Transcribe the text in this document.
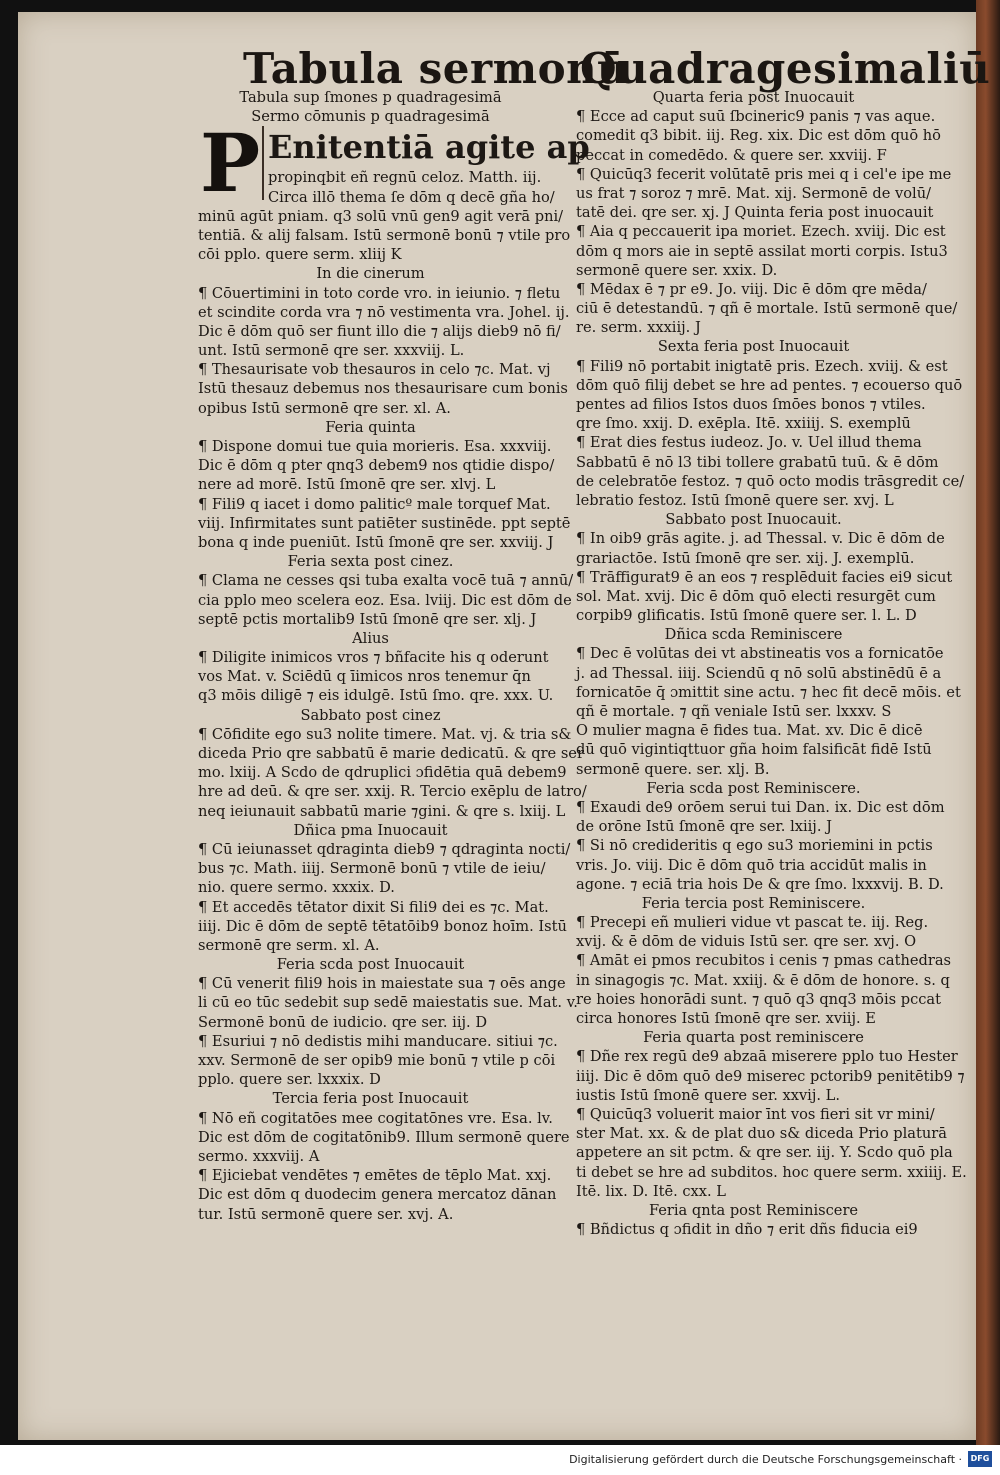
Tabula sermonū
Quadragesimaliū
Tabula sup ſmones p quadragesimā
Sermo cōmunis p quadragesimā
P Enitentiā agite ap
propinqbit eñ regnū celoz. Matth. iij.
Circa illō thema ſe dōm q decē gña ho/
minū agūt pniam. q3 solū vnū gen9 agit verā pni/
tentiā. & alij falsam. Istū sermonē bonū ⁊ vtile pro
cōi pplo. quere serm. xliij K
In die cinerum
¶ Cōuertimini in toto corde vro. in ieiunio. ⁊ fletu
et scindite corda vra ⁊ nō vestimenta vra. Johel. ij.
Dic ē dōm quō ser fiunt illo die ⁊ alijs dieb9 nō fi/
unt. Istū sermonē qre ser. xxxviij. L.
¶ Thesaurisate vob thesauros in celo ⁊c. Mat. vj
Istū thesauz debemus nos thesaurisare cum bonis
opibus Istū sermonē qre ser. xl. A.
Feria quinta
¶ Dispone domui tue quia morieris. Esa. xxxviij.
Dic ē dōm q pter qnq3 debem9 nos qtidie dispo/
nere ad morē. Istū ſmonē qre ser. xlvj. L
¶ Fili9 q iacet i domo paliticº male torquef Mat.
viij. Infirmitates sunt patiēter sustinēde. ppt septē
bona q inde pueniūt. Istū ſmonē qre ser. xxviij. J
Feria sexta post cinez.
¶ Clama ne cesses qsi tuba exalta vocē tuā ⁊ annū/
cia pplo meo scelera eoz. Esa. lviij. Dic est dōm de
septē pctis mortalib9 Istū ſmonē qre ser. xlj. J
Alius
¶ Diligite inimicos vros ⁊ bñfacite his q oderunt
vos Mat. v. Sciēdū q īimicos nros tenemur q̄n
q3 mōis diligē ⁊ eis idulgē. Istū ſmo. qre. xxx. U.
Sabbato post cinez
¶ Cōfidite ego su3 nolite timere. Mat. vj. & tria s&
diceda Prio qre sabbatū ē marie dedicatū. & qre ser
mo. lxiij. A Scdo de qdruplici ɔfidētia quā debem9
hre ad deū. & qre ser. xxij. R. Tercio exēplu de latro/
neq ieiunauit sabbatū marie ⁊gini. & qre s. lxiij. L
Dñica pma Inuocauit
¶ Cū ieiunasset qdraginta dieb9 ⁊ qdraginta nocti/
bus ⁊c. Math. iiij. Sermonē bonū ⁊ vtile de ieiu/
nio. quere sermo. xxxix. D.
¶ Et accedēs tētator dixit Si fili9 dei es ⁊c. Mat.
iiij. Dic ē dōm de septē tētatōib9 bonoz hoīm. Istū
sermonē qre serm. xl. A.
Feria scda post Inuocauit
¶ Cū venerit fili9 hois in maiestate sua ⁊ oēs ange
li cū eo tūc sedebit sup sedē maiestatis sue. Mat. v.
Sermonē bonū de iudicio. qre ser. iij. D
¶ Esuriui ⁊ nō dedistis mihi manducare. sitiui ⁊c.
xxv. Sermonē de ser opib9 mie bonū ⁊ vtile p cōi
pplo. quere ser. lxxxix. D
Tercia feria post Inuocauit
¶ Nō eñ cogitatōes mee cogitatōnes vre. Esa. lv.
Dic est dōm de cogitatōnib9. Illum sermonē quere
sermo. xxxviij. A
¶ Ejiciebat vendētes ⁊ emētes de tēplo Mat. xxj.
Dic est dōm q duodecim genera mercatoz dānan
tur. Istū sermonē quere ser. xvj. A.
Quarta feria post Inuocauit
¶ Ecce ad caput suū ſbcineric9 panis ⁊ vas aque.
comedit q3 bibit. iij. Reg. xix. Dic est dōm quō hō
peccat in comedēdo. & quere ser. xxviij. F
¶ Quicūq3 fecerit volūtatē pris mei q i cel'e ipe me
us frat ⁊ soroz ⁊ mrē. Mat. xij. Sermonē de volū/
tatē dei. qre ser. xj. J Quinta feria post inuocauit
¶ Aia q peccauerit ipa moriet. Ezech. xviij. Dic est
dōm q mors aie in septē assilat morti corpis. Istu3
sermonē quere ser. xxix. D.
¶ Mēdax ē ⁊ pr e9. Jo. viij. Dic ē dōm qre mēda/
ciū ē detestandū. ⁊ qñ ē mortale. Istū sermonē que/
re. serm. xxxiij. J
Sexta feria post Inuocauit
¶ Fili9 nō portabit inigtatē pris. Ezech. xviij. & est
dōm quō filij debet se hre ad pentes. ⁊ ecouerso quō
pentes ad filios Istos duos ſmōes bonos ⁊ vtiles.
qre ſmo. xxij. D. exēpla. Itē. xxiiij. S. exemplū
¶ Erat dies festus iudeoz. Jo. v. Uel illud thema
Sabbatū ē nō l3 tibi tollere grabatū tuū. & ē dōm
de celebratōe festoz. ⁊ quō octo modis trāsgredit ce/
lebratio festoz. Istū ſmonē quere ser. xvj. L
Sabbato post Inuocauit.
¶ In oib9 grās agite. j. ad Thessal. v. Dic ē dōm de
grariactōe. Istū ſmonē qre ser. xij. J. exemplū.
¶ Trāffigurat9 ē an eos ⁊ resplēduit facies ei9 sicut
sol. Mat. xvij. Dic ē dōm quō electi resurgēt cum
corpib9 glificatis. Istū ſmonē quere ser. l. L. D
Dñica scda Reminiscere
¶ Dec ē volūtas dei vt abstineatis vos a fornicatōe
j. ad Thessal. iiij. Sciendū q nō solū abstinēdū ē a
fornicatōe q̄ ɔmittit sine actu. ⁊ hec fit decē mōis. et
qñ ē mortale. ⁊ qñ veniale Istū ser. lxxxv. S
O mulier magna ē fides tua. Mat. xv. Dic ē dicē
dū quō vigintiqttuor gña hoim falsificāt fidē Istū
sermonē quere. ser. xlj. B.
Feria scda post Reminiscere.
¶ Exaudi de9 orōem serui tui Dan. ix. Dic est dōm
de orōne Istū ſmonē qre ser. lxiij. J
¶ Si nō credideritis q ego su3 moriemini in pctis
vris. Jo. viij. Dic ē dōm quō tria accidūt malis in
agone. ⁊ eciā tria hois De & qre ſmo. lxxxvij. B. D.
Feria tercia post Reminiscere.
¶ Precepi eñ mulieri vidue vt pascat te. iij. Reg.
xvij. & ē dōm de viduis Istū ser. qre ser. xvj. O
¶ Amāt ei pmos recubitos i cenis ⁊ pmas cathedras
in sinagogis ⁊c. Mat. xxiij. & ē dōm de honore. s. q
re hoies honorādi sunt. ⁊ quō q3 qnq3 mōis pccat
circa honores Istū ſmonē qre ser. xviij. E
Feria quarta post reminiscere
¶ Dñe rex regū de9 abzaā miserere pplo tuo Hester
iiij. Dic ē dōm quō de9 miserec pctorib9 penitētib9 ⁊
iustis Istū ſmonē quere ser. xxvij. L.
¶ Quicūq3 voluerit maior īnt vos fieri sit vr mini/
ster Mat. xx. & de plat duo s& diceda Prio platurā
appetere an sit pctm. & qre ser. iij. Y. Scdo quō pla
ti debet se hre ad subditos. hoc quere serm. xxiiij. E.
Itē. lix. D. Itē. cxx. L
Feria qnta post Reminiscere
¶ Bñdictus q ɔfidit in dño ⁊ erit dñs fiducia ei9
Digitalisierung gefördert durch die Deutsche Forschungsgemeinschaft ·	DFG
